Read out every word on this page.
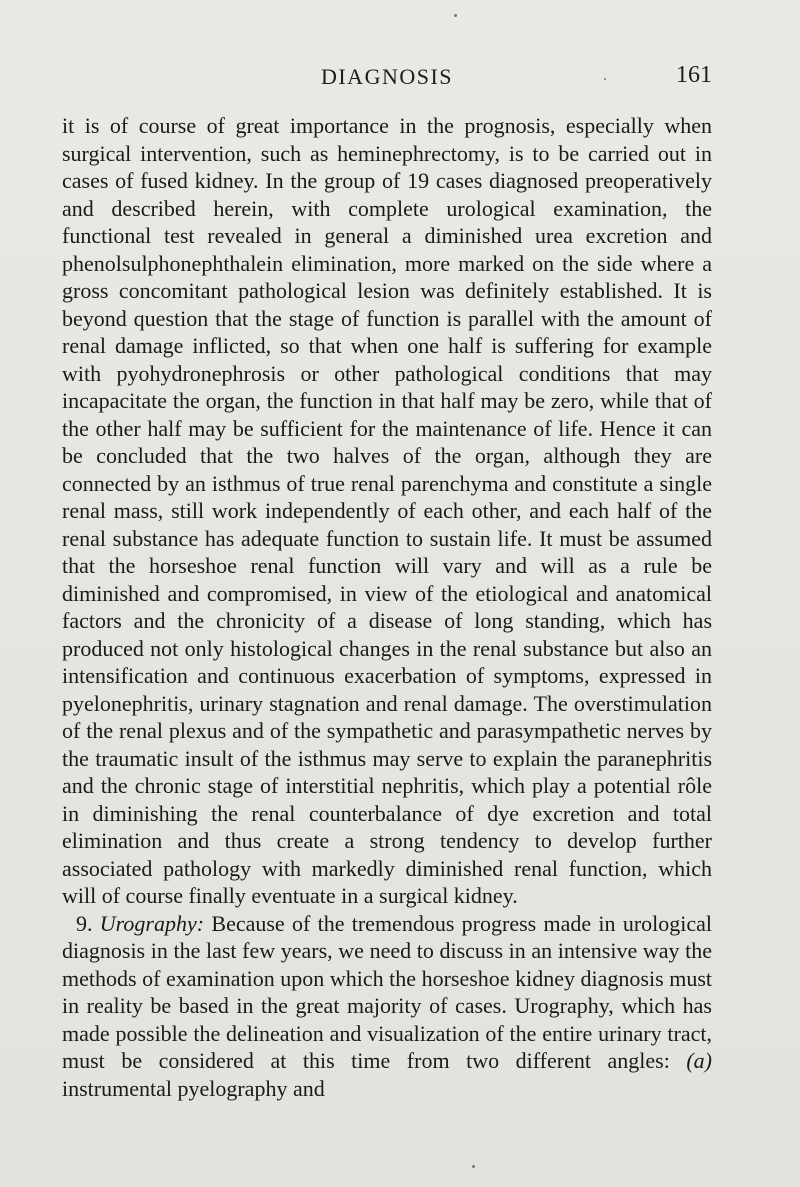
DIAGNOSIS	161

it is of course of great importance in the prognosis, especially when surgical intervention, such as heminephrectomy, is to be carried out in cases of fused kidney. In the group of 19 cases diagnosed preoperatively and described herein, with complete urological examination, the functional test revealed in general a diminished urea excretion and phenolsulphonephthalein elimination, more marked on the side where a gross concomitant pathological lesion was definitely established. It is beyond question that the stage of function is parallel with the amount of renal damage inflicted, so that when one half is suffering for example with pyohydronephrosis or other pathological conditions that may incapacitate the organ, the function in that half may be zero, while that of the other half may be sufficient for the maintenance of life. Hence it can be concluded that the two halves of the organ, although they are connected by an isthmus of true renal parenchyma and constitute a single renal mass, still work independently of each other, and each half of the renal substance has adequate function to sustain life. It must be assumed that the horseshoe renal function will vary and will as a rule be diminished and compromised, in view of the etiological and anatomical factors and the chronicity of a disease of long standing, which has produced not only histological changes in the renal substance but also an intensification and continuous exacerbation of symptoms, expressed in pyelonephritis, urinary stagnation and renal damage. The overstimulation of the renal plexus and of the sympathetic and parasympathetic nerves by the traumatic insult of the isthmus may serve to explain the paranephritis and the chronic stage of interstitial nephritis, which play a potential rôle in diminishing the renal counterbalance of dye excretion and total elimination and thus create a strong tendency to develop further associated pathology with markedly diminished renal function, which will of course finally eventuate in a surgical kidney.

9. Urography: Because of the tremendous progress made in urological diagnosis in the last few years, we need to discuss in an intensive way the methods of examination upon which the horseshoe kidney diagnosis must in reality be based in the great majority of cases. Urography, which has made possible the delineation and visualization of the entire urinary tract, must be considered at this time from two different angles: (a) instrumental pyelography and
